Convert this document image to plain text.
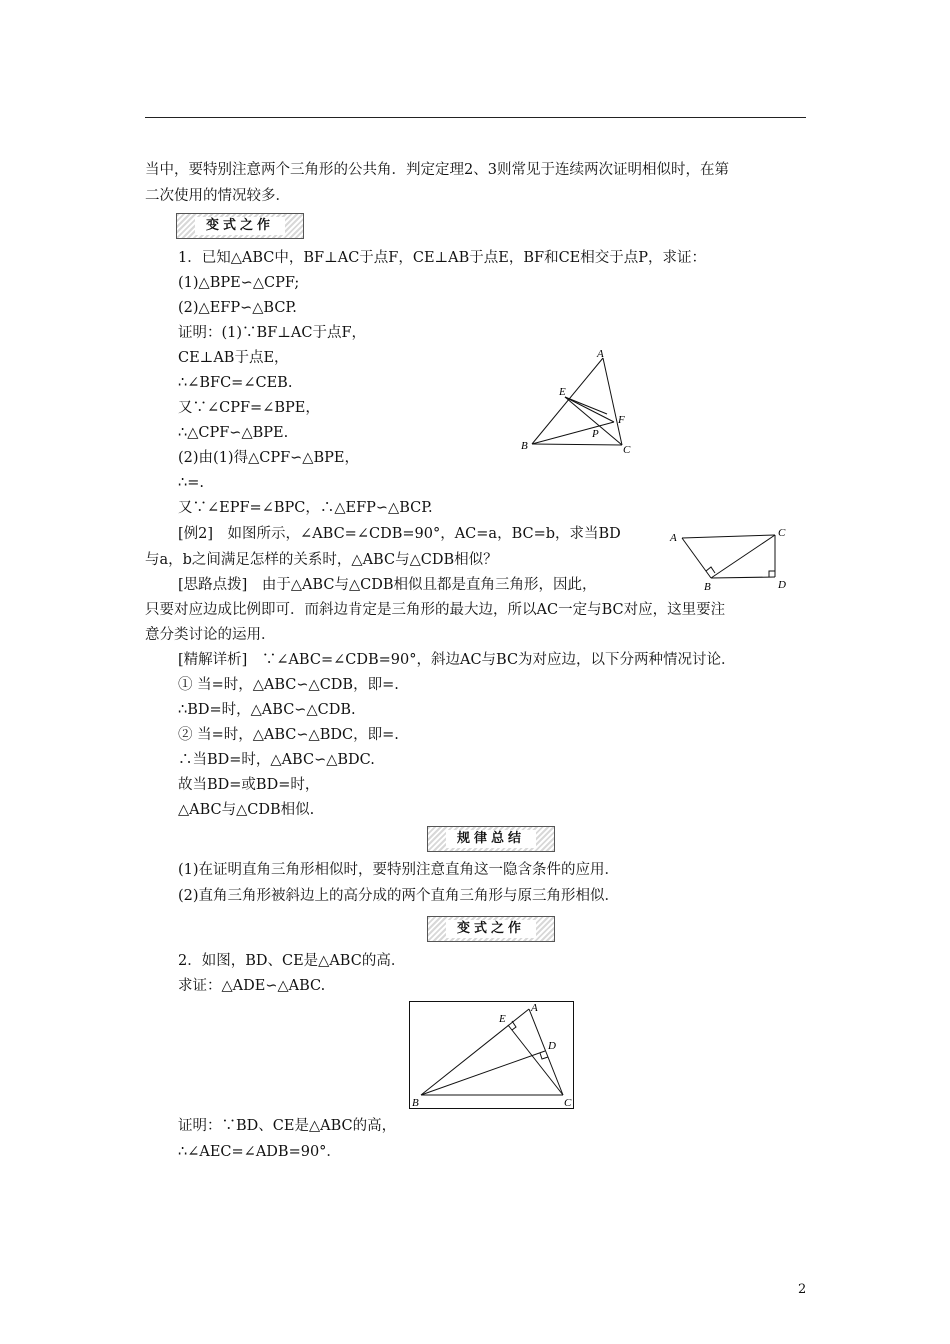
当中，要特别注意两个三角形的公共角．判定定理2、3则常见于连续两次证明相似时，在第
二次使用的情况较多．
变式之作
1．已知△ABC中，BF⊥AC于点F，CE⊥AB于点E，BF和CE相交于点P，求证：
(1)△BPE∽△CPF;
(2)△EFP∽△BCP.
证明：(1)∵BF⊥AC于点F，
CE⊥AB于点E，
∴∠BFC=∠CEB.
又∵∠CPF=∠BPE，
∴△CPF∽△BPE.
(2)由(1)得△CPF∽△BPE，
∴=.
又∵∠EPF=∠BPC，∴△EFP∽△BCP.
A
E
F
P
B	C
[例2]　如图所示，∠ABC=∠CDB=90°，AC=a，BC=b，求当BD
与a，b之间满足怎样的关系时，△ABC与△CDB相似？
[思路点拨]　由于△ABC与△CDB相似且都是直角三角形，因此，
只要对应边成比例即可．而斜边肯定是三角形的最大边，所以AC一定与BC对应，这里要注
意分类讨论的运用．
[精解详析]　∵∠ABC=∠CDB=90°，斜边AC与BC为对应边，以下分两种情况讨论．
① 当=时，△ABC∽△CDB，即=.
∴BD=时，△ABC∽△CDB.
② 当=时，△ABC∽△BDC，即=.
∴当BD=时，△ABC∽△BDC.
故当BD=或BD=时，
△ABC与△CDB相似.
A	C
B	D
规律总结
(1)在证明直角三角形相似时，要特别注意直角这一隐含条件的应用．
(2)直角三角形被斜边上的高分成的两个直角三角形与原三角形相似．
变式之作
2．如图，BD、CE是△ABC的高．
求证：△ADE∽△ABC.
A
E
D
B	C
证明：∵BD、CE是△ABC的高，
∴∠AEC=∠ADB=90°．
2
